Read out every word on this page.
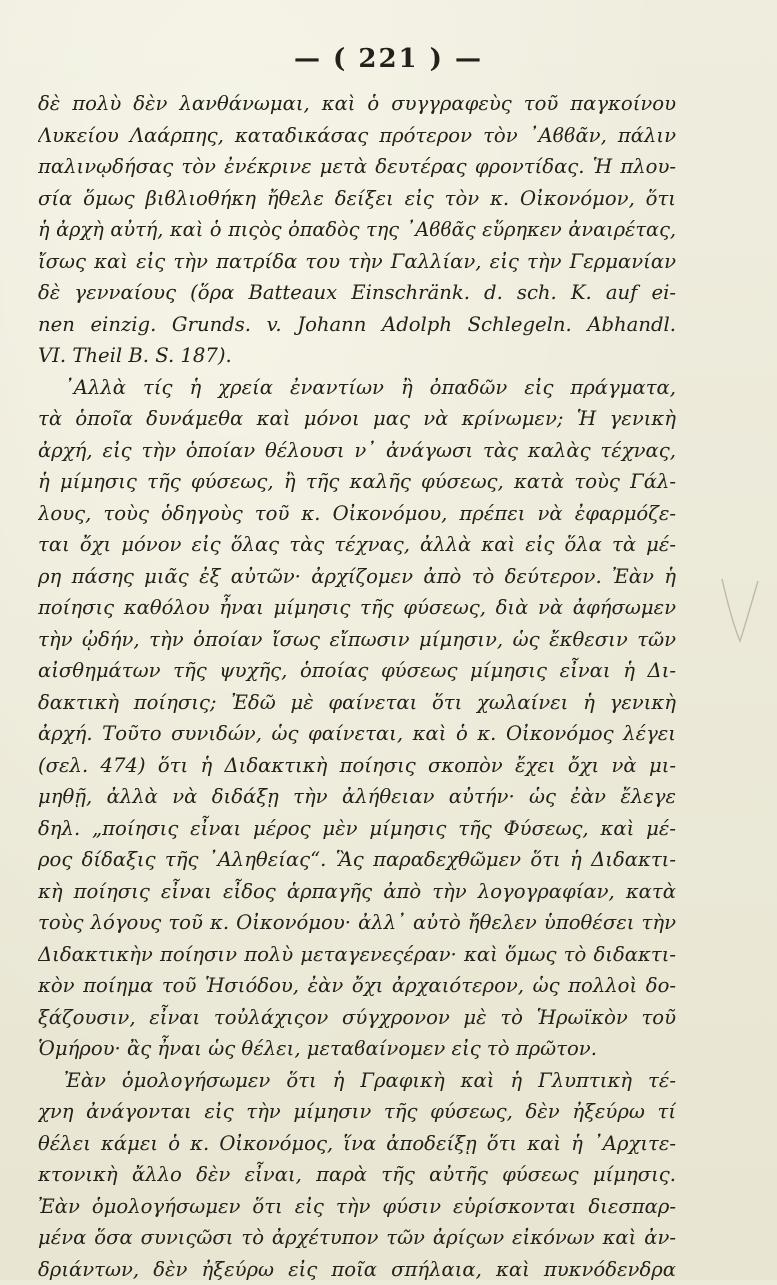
— ( 221 ) —

δὲ πολὺ δὲν λανθάνωμαι, καὶ ὁ συγγραφεὺς τοῦ παγκοίνου
Λυκείου Λαάρπης, καταδικάσας πρότερον τὸν ᾿Αϐϐᾶν, πάλιν
παλινῳδήσας τὸν ἐνέκρινε μετὰ δευτέρας φροντίδας. Ἡ πλου-
σία ὅμως βιϐλιοθήκη ἤθελε δείξει εἰς τὸν κ. Οἰκονόμον, ὅτι
ἡ ἀρχὴ αὐτή, καὶ ὁ πιςὸς ὀπαδὸς της ᾿Αϐϐᾶς εὕρηκεν ἀναιρέτας,
ἴσως καὶ εἰς τὴν πατρίδα του τὴν Γαλλίαν, εἰς τὴν Γερμανίαν
δὲ γενναίους (ὅρα Batteaux Einschränk. d. sch. K. auf ei-
nen einzig. Grunds. v. Johann Adolph Schlegeln. Abhandl.
VI. Theil B. S. 187).

᾿Αλλὰ τίς ἡ χρεία ἐναντίων ἢ ὀπαδῶν εἰς πράγματα,
τὰ ὁποῖα δυνάμεθα καὶ μόνοι μας νὰ κρίνωμεν; Ἡ γενικὴ
ἀρχή, εἰς τὴν ὁποίαν θέλουσι ν᾿ ἀνάγωσι τὰς καλὰς τέχνας,
ἡ μίμησις τῆς φύσεως, ἢ τῆς καλῆς φύσεως, κατὰ τοὺς Γάλ-
λους, τοὺς ὁδηγοὺς τοῦ κ. Οἰκονόμου, πρέπει νὰ ἐφαρμόζε-
ται ὄχι μόνον εἰς ὅλας τὰς τέχνας, ἀλλὰ καὶ εἰς ὅλα τὰ μέ-
ρη πάσης μιᾶς ἐξ αὐτῶν· ἀρχίζομεν ἀπὸ τὸ δεύτερον. Ἐὰν ἡ
ποίησις καθόλου ἦναι μίμησις τῆς φύσεως, διὰ νὰ ἀφήσωμεν
τὴν ᾠδήν, τὴν ὁποίαν ἴσως εἴπωσιν μίμησιν, ὡς ἔκθεσιν τῶν
αἰσθημάτων τῆς ψυχῆς, ὁποίας φύσεως μίμησις εἶναι ἡ Δι-
δακτικὴ ποίησις; Ἐδῶ μὲ φαίνεται ὅτι χωλαίνει ἡ γενικὴ
ἀρχή. Τοῦτο συνιδών, ὡς φαίνεται, καὶ ὁ κ. Οἰκονόμος λέγει
(σελ. 474) ὅτι ἡ Διδακτικὴ ποίησις σκοπὸν ἔχει ὄχι νὰ μι-
μηθῇ, ἀλλὰ νὰ διδάξῃ τὴν ἀλήθειαν αὐτήν· ὡς ἐὰν ἔλεγε
δηλ. „ποίησις εἶναι μέρος μὲν μίμησις τῆς Φύσεως, καὶ μέ-
ρος δίδαξις τῆς ᾿Αληθείας“. Ἃς παραδεχθῶμεν ὅτι ἡ Διδακτι-
κὴ ποίησις εἶναι εἶδος ἁρπαγῆς ἀπὸ τὴν λογογραφίαν, κατὰ
τοὺς λόγους τοῦ κ. Οἰκονόμου· ἀλλ᾿ αὐτὸ ἤθελεν ὑποθέσει τὴν
Διδακτικὴν ποίησιν πολὺ μεταγενεςέραν· καὶ ὅμως τὸ διδακτι-
κὸν ποίημα τοῦ Ἡσιόδου, ἐὰν ὄχι ἀρχαιότερον, ὡς πολλοὶ δο-
ξάζουσιν, εἶναι τοὐλάχιςον σύγχρονον μὲ τὸ Ἡρωϊκὸν τοῦ
Ὁμήρου· ἂς ἦναι ὡς θέλει, μεταϐαίνομεν εἰς τὸ πρῶτον.

Ἐὰν ὁμολογήσωμεν ὅτι ἡ Γραφικὴ καὶ ἡ Γλυπτικὴ τέ-
χνη ἀνάγονται εἰς τὴν μίμησιν τῆς φύσεως, δὲν ἠξεύρω τί
θέλει κάμει ὁ κ. Οἰκονόμος, ἵνα ἀποδείξῃ ὅτι καὶ ἡ ᾿Αρχιτε-
κτονικὴ ἄλλο δὲν εἶναι, παρὰ τῆς αὐτῆς φύσεως μίμησις.
Ἐὰν ὁμολογήσωμεν ὅτι εἰς τὴν φύσιν εὑρίσκονται διεσπαρ-
μένα ὅσα συνιςῶσι τὸ ἀρχέτυπον τῶν ἀρίςων εἰκόνων καὶ ἀν-
δριάντων, δὲν ἠξεύρω εἰς ποῖα σπήλαια, καὶ πυκνόδενδρα
